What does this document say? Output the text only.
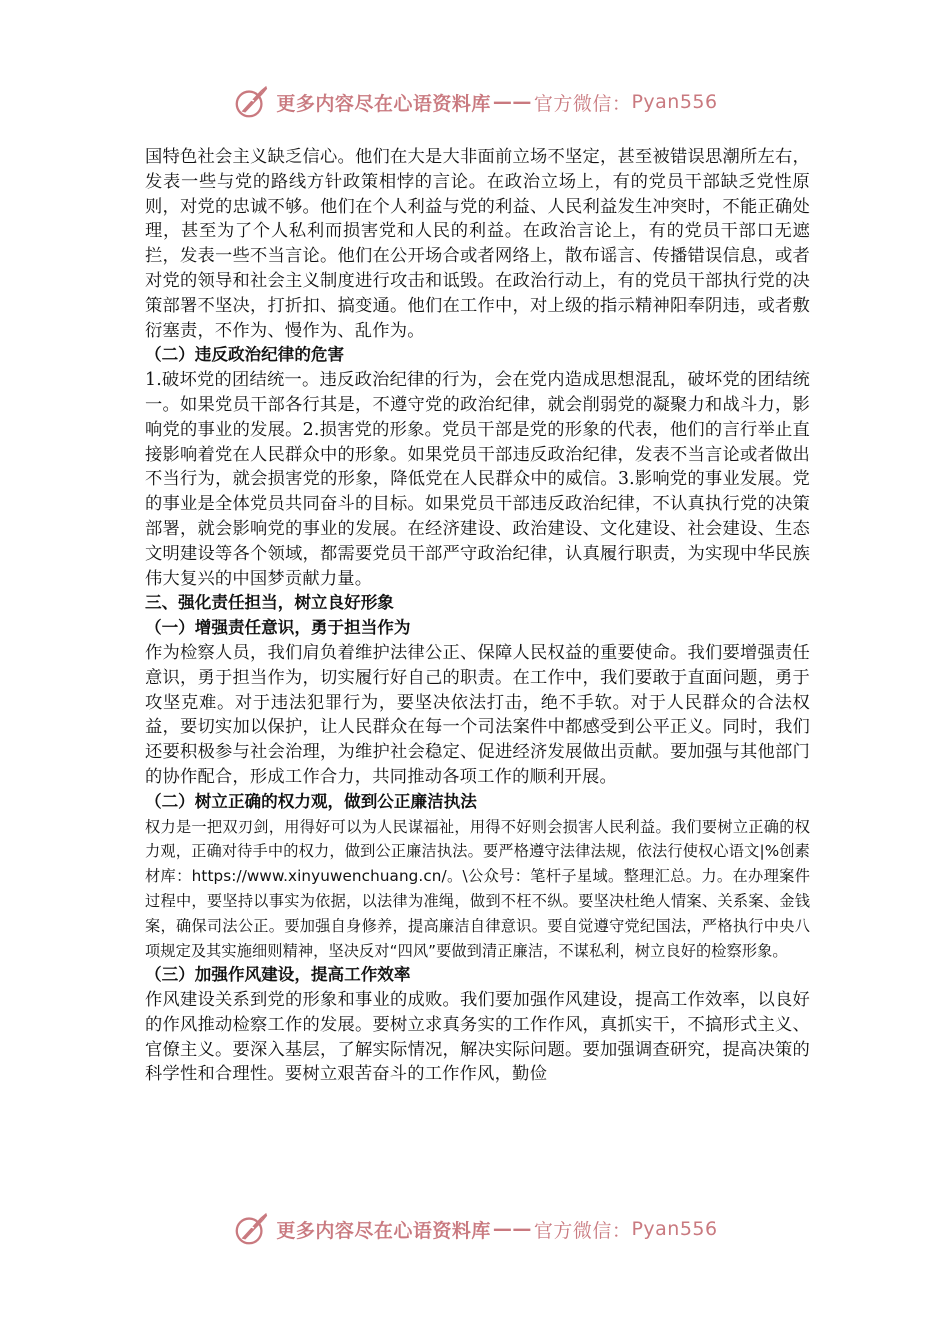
更多内容尽在心语资料库 —— 官方微信： Pyan556

国特色社会主义缺乏信心。他们在大是大非面前立场不坚定，甚至被错误思潮所左右，发表一些与党的路线方针政策相悖的言论。在政治立场上，有的党员干部缺乏党性原则，对党的忠诚不够。他们在个人利益与党的利益、人民利益发生冲突时，不能正确处理，甚至为了个人私利而损害党和人民的利益。在政治言论上，有的党员干部口无遮拦，发表一些不当言论。他们在公开场合或者网络上，散布谣言、传播错误信息，或者对党的领导和社会主义制度进行攻击和诋毁。在政治行动上，有的党员干部执行党的决策部署不坚决，打折扣、搞变通。他们在工作中，对上级的指示精神阳奉阴违，或者敷衍塞责，不作为、慢作为、乱作为。

（二）违反政治纪律的危害

1.破坏党的团结统一。违反政治纪律的行为，会在党内造成思想混乱，破坏党的团结统一。如果党员干部各行其是，不遵守党的政治纪律，就会削弱党的凝聚力和战斗力，影响党的事业的发展。2.损害党的形象。党员干部是党的形象的代表，他们的言行举止直接影响着党在人民群众中的形象。如果党员干部违反政治纪律，发表不当言论或者做出不当行为，就会损害党的形象，降低党在人民群众中的威信。3.影响党的事业发展。党的事业是全体党员共同奋斗的目标。如果党员干部违反政治纪律，不认真执行党的决策部署，就会影响党的事业的发展。在经济建设、政治建设、文化建设、社会建设、生态文明建设等各个领域，都需要党员干部严守政治纪律，认真履行职责，为实现中华民族伟大复兴的中国梦贡献力量。

三、强化责任担当，树立良好形象

（一）增强责任意识，勇于担当作为

作为检察人员，我们肩负着维护法律公正、保障人民权益的重要使命。我们要增强责任意识，勇于担当作为，切实履行好自己的职责。在工作中，我们要敢于直面问题，勇于攻坚克难。对于违法犯罪行为，要坚决依法打击，绝不手软。对于人民群众的合法权益，要切实加以保护，让人民群众在每一个司法案件中都感受到公平正义。同时，我们还要积极参与社会治理，为维护社会稳定、促进经济发展做出贡献。要加强与其他部门的协作配合，形成工作合力，共同推动各项工作的顺利开展。

（二）树立正确的权力观，做到公正廉洁执法

权力是一把双刃剑，用得好可以为人民谋福祉，用得不好则会损害人民利益。我们要树立正确的权力观，正确对待手中的权力，做到公正廉洁执法。要严格遵守法律法规，依法行使权心语文|%创素材库：https://www.xinyuwenchuang.cn/。\公众号：笔杆子星域。整理汇总。力。在办理案件过程中，要坚持以事实为依据，以法律为准绳，做到不枉不纵。要坚决杜绝人情案、关系案、金钱案，确保司法公正。要加强自身修养，提高廉洁自律意识。要自觉遵守党纪国法，严格执行中央八项规定及其实施细则精神，坚决反对“四风”要做到清正廉洁，不谋私利，树立良好的检察形象。

（三）加强作风建设，提高工作效率

作风建设关系到党的形象和事业的成败。我们要加强作风建设，提高工作效率，以良好的作风推动检察工作的发展。要树立求真务实的工作作风，真抓实干，不搞形式主义、官僚主义。要深入基层，了解实际情况，解决实际问题。要加强调查研究，提高决策的科学性和合理性。要树立艰苦奋斗的工作作风，勤俭

更多内容尽在心语资料库 —— 官方微信： Pyan556
